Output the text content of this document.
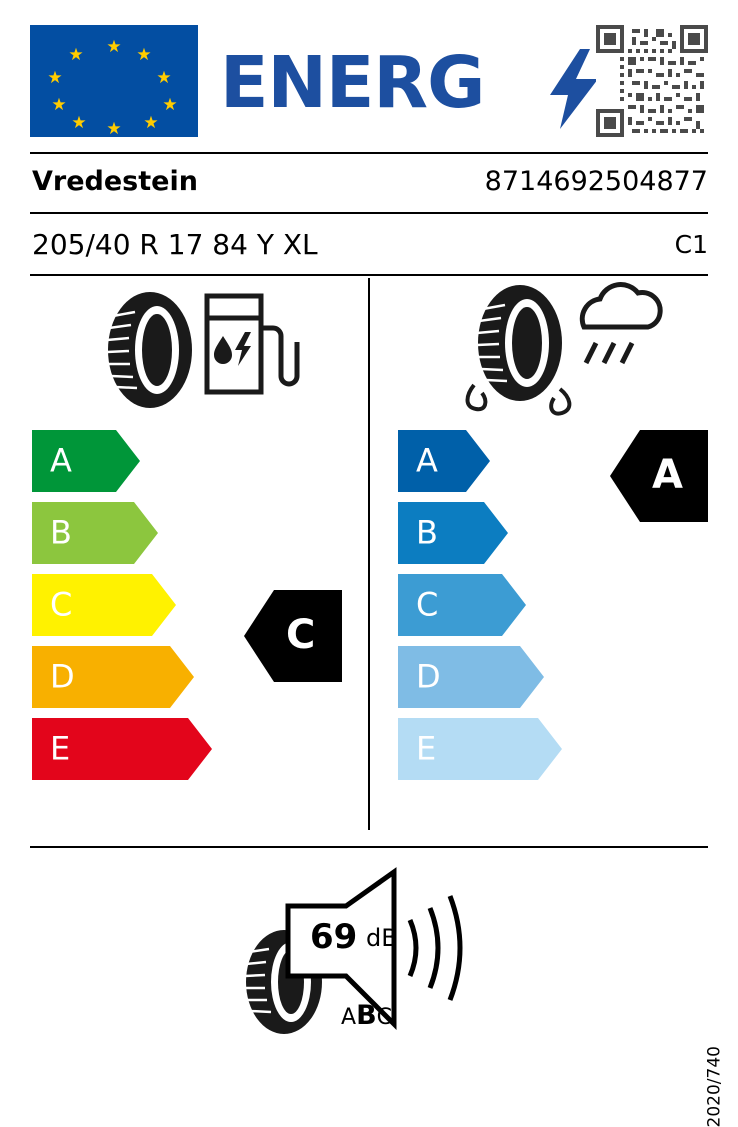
★ ★
★
★
★
★
★
★
★
★ ENERG
Vredestein	8714692504877
205/40 R 17 84 Y XL	C1
A
B
C
D
E
C
A
B
C
D
E
A
69 dB
ABC
2020/740
